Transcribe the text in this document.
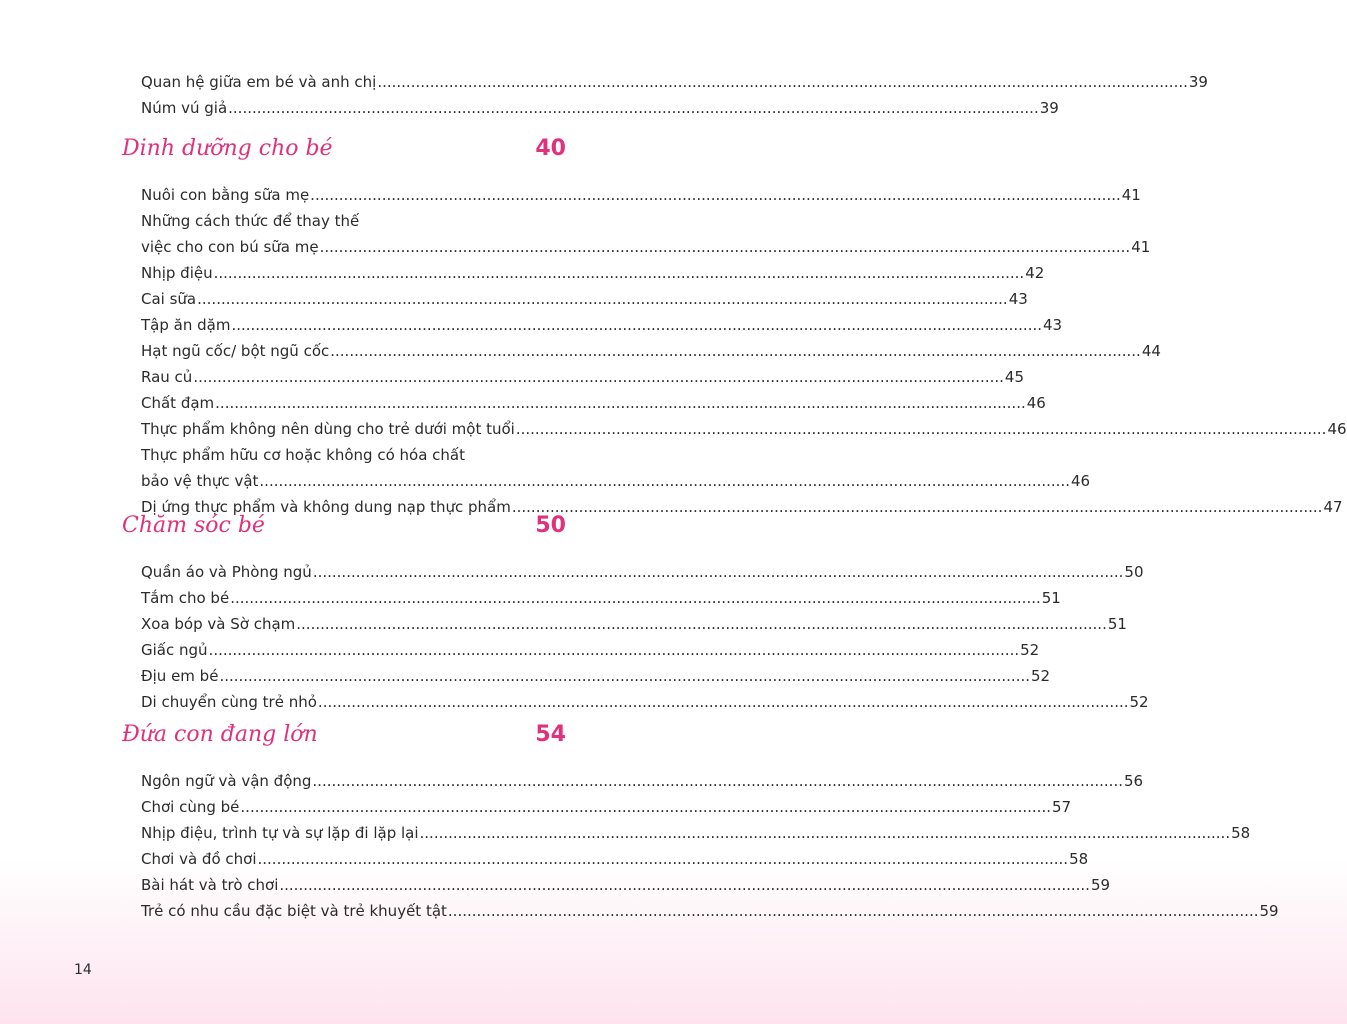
Quan hệ giữa em bé và anh chị .....	39
Núm vú giả .....	39
Dinh dưỡng cho bé	40
Nuôi con bằng sữa mẹ .....	41
Những cách thức để thay thế
việc cho con bú sữa mẹ .....	41
Nhịp điệu .....	42
Cai sữa .....	43
Tập ăn dặm .....	43
Hạt ngũ cốc/ bột ngũ cốc .....	44
Rau củ .....	45
Chất đạm .....	46
Thực phẩm không nên dùng cho trẻ dưới một tuổi .....	46
Thực phẩm hữu cơ hoặc không có hóa chất
bảo vệ thực vật .....	46
Dị ứng thực phẩm và không dung nạp thực phẩm .....	47
Chăm sóc bé	50
Quần áo và Phòng ngủ .....	50
Tắm cho bé .....	51
Xoa bóp và Sờ chạm .....	51
Giấc ngủ .....	52
Địu em bé .....	52
Di chuyển cùng trẻ nhỏ .....	52
Đứa con đang lớn	54
Ngôn ngữ và vận động .....	56
Chơi cùng bé .....	57
Nhịp điệu, trình tự và sự lặp đi lặp lại .....	58
Chơi và đồ chơi .....	58
Bài hát và trò chơi .....	59
Trẻ có nhu cầu đặc biệt và trẻ khuyết tật .....	59
14
